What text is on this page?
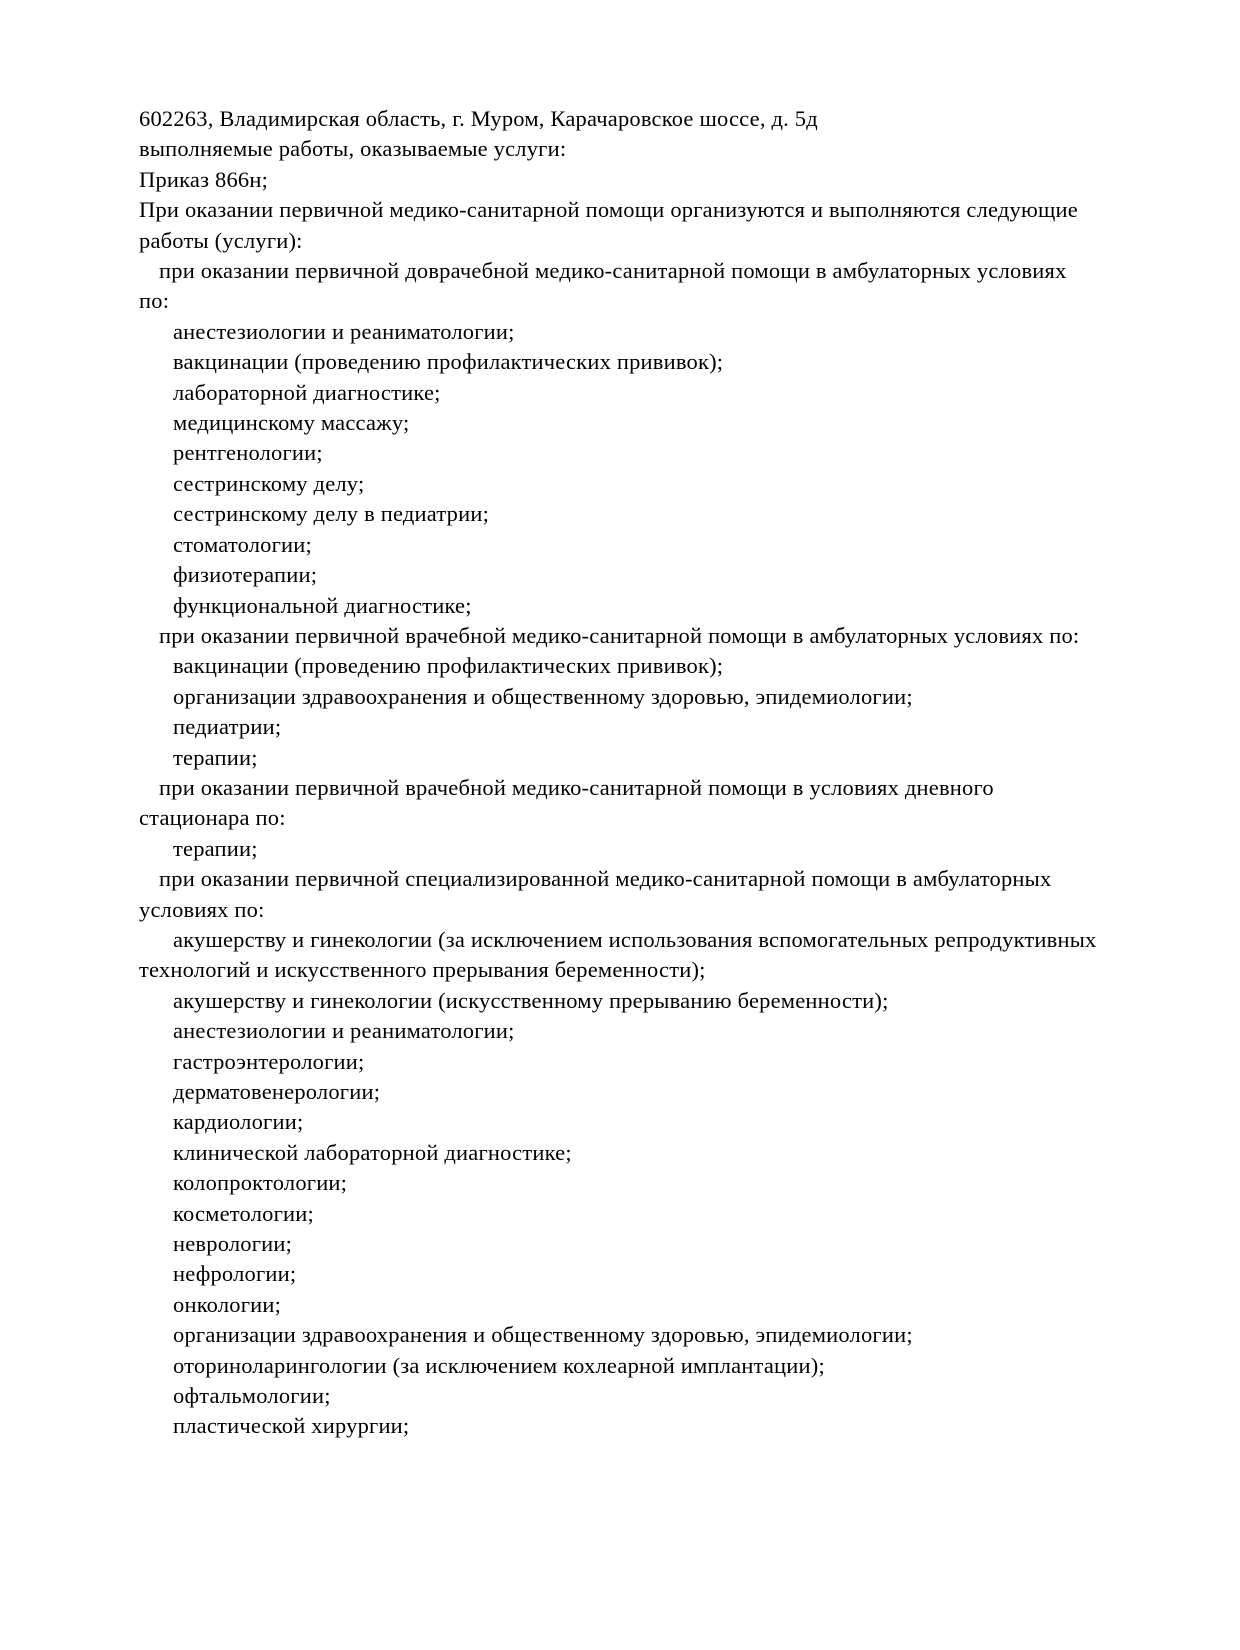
602263, Владимирская область, г. Муром, Карачаровское шоссе, д. 5д
выполняемые работы, оказываемые услуги:
Приказ 866н;
При оказании первичной медико-санитарной помощи организуются и выполняются следующие
работы (услуги):
при оказании первичной доврачебной медико-санитарной помощи в амбулаторных условиях
по:
анестезиологии и реаниматологии;
вакцинации (проведению профилактических прививок);
лабораторной диагностике;
медицинскому массажу;
рентгенологии;
сестринскому делу;
сестринскому делу в педиатрии;
стоматологии;
физиотерапии;
функциональной диагностике;
при оказании первичной врачебной медико-санитарной помощи в амбулаторных условиях по:
вакцинации (проведению профилактических прививок);
организации здравоохранения и общественному здоровью, эпидемиологии;
педиатрии;
терапии;
при оказании первичной врачебной медико-санитарной помощи в условиях дневного
стационара по:
терапии;
при оказании первичной специализированной медико-санитарной помощи в амбулаторных
условиях по:
акушерству и гинекологии (за исключением использования вспомогательных репродуктивных
технологий и искусственного прерывания беременности);
акушерству и гинекологии (искусственному прерыванию беременности);
анестезиологии и реаниматологии;
гастроэнтерологии;
дерматовенерологии;
кардиологии;
клинической лабораторной диагностике;
колопроктологии;
косметологии;
неврологии;
нефрологии;
онкологии;
организации здравоохранения и общественному здоровью, эпидемиологии;
оториноларингологии (за исключением кохлеарной имплантации);
офтальмологии;
пластической хирургии;
